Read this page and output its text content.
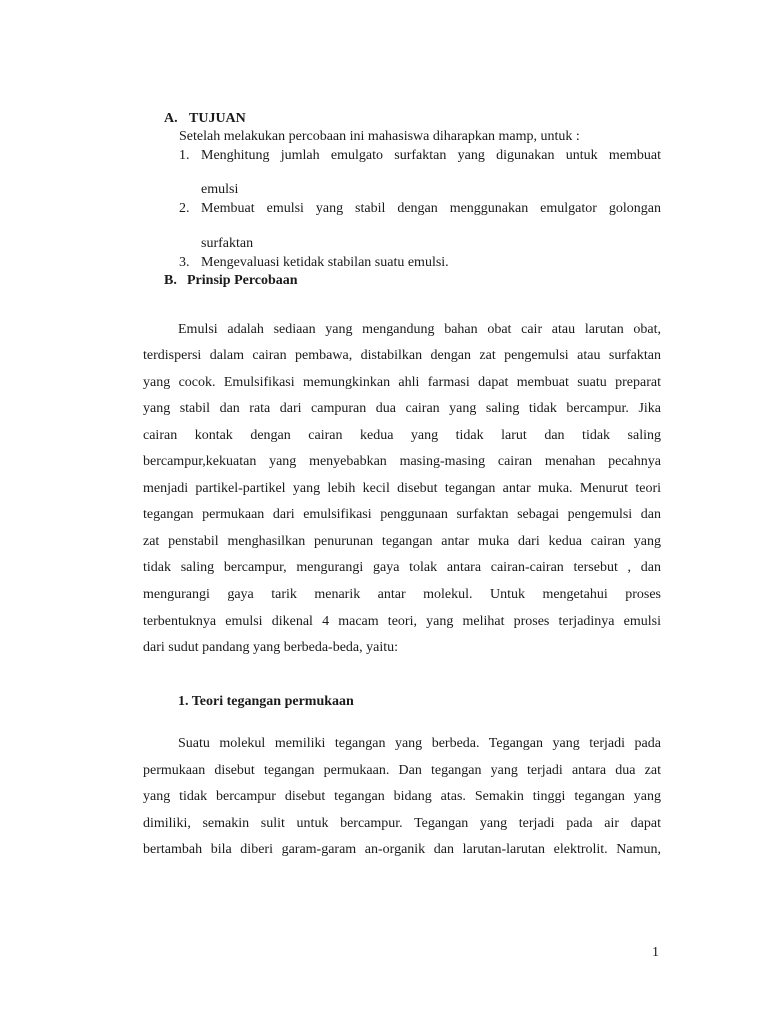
A. TUJUAN
Setelah melakukan percobaan ini mahasiswa diharapkan mamp, untuk :
1. Menghitung jumlah emulgato surfaktan yang digunakan untuk membuat
emulsi
2. Membuat emulsi yang stabil dengan menggunakan emulgator golongan
surfaktan
3. Mengevaluasi ketidak stabilan suatu emulsi.
B. Prinsip Percobaan
Emulsi adalah sediaan yang mengandung bahan obat cair atau larutan obat,
terdispersi dalam cairan pembawa, distabilkan dengan zat pengemulsi atau surfaktan
yang cocok. Emulsifikasi memungkinkan ahli farmasi dapat membuat suatu preparat
yang stabil dan rata dari campuran dua cairan yang saling tidak bercampur. Jika
cairan kontak dengan cairan kedua yang tidak larut dan tidak saling
bercampur,kekuatan yang menyebabkan masing-masing cairan menahan pecahnya
menjadi partikel-partikel yang lebih kecil disebut tegangan antar muka. Menurut teori
tegangan permukaan dari emulsifikasi penggunaan surfaktan sebagai pengemulsi dan
zat penstabil menghasilkan penurunan tegangan antar muka dari kedua cairan yang
tidak saling bercampur, mengurangi gaya tolak antara cairan-cairan tersebut , dan
mengurangi gaya tarik menarik antar molekul. Untuk mengetahui proses
terbentuknya emulsi dikenal 4 macam teori, yang melihat proses terjadinya emulsi
dari sudut pandang yang berbeda-beda, yaitu:
1. Teori tegangan permukaan
Suatu molekul memiliki tegangan yang berbeda. Tegangan yang terjadi pada
permukaan disebut tegangan permukaan. Dan tegangan yang terjadi antara dua zat
yang tidak bercampur disebut tegangan bidang atas. Semakin tinggi tegangan yang
dimiliki, semakin sulit untuk bercampur. Tegangan yang terjadi pada air dapat
bertambah bila diberi garam-garam an-organik dan larutan-larutan elektrolit. Namun,
1
